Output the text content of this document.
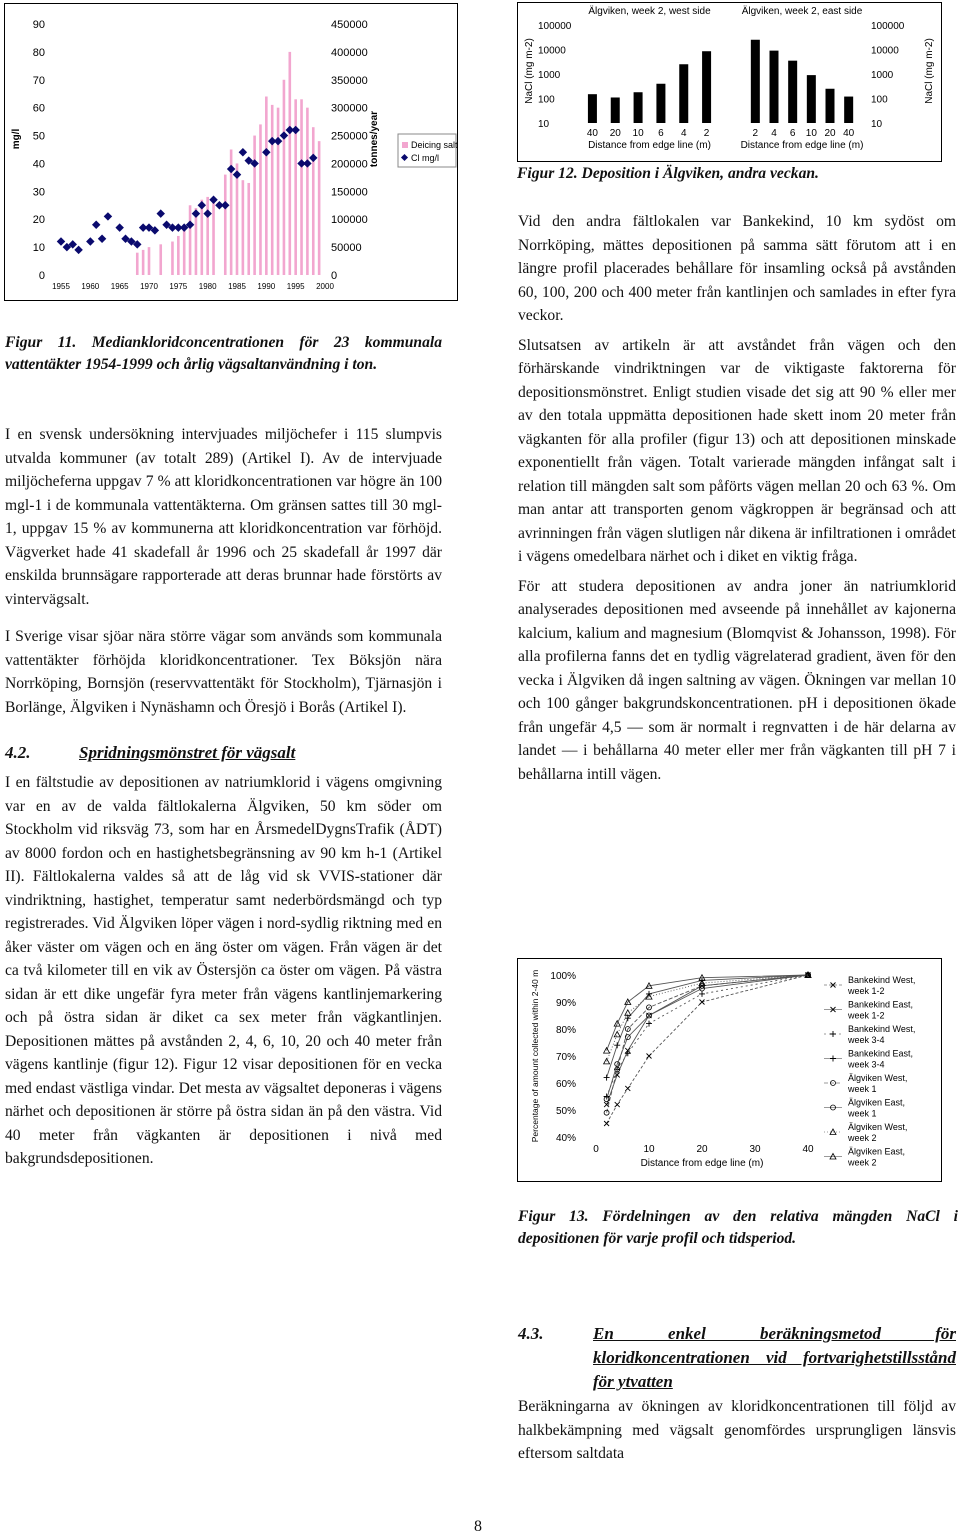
mg/l	tonnes/year
0
10
20
30
40
50
60
70
80
90
0
50000
100000
150000
200000
250000
300000
350000
400000
450000
1955 1960 1965 1970 1975 1980 1985 1990 1995 2000
Deicing salt
Cl mg/l

Figur 11. Mediankloridconcentrationen för 23 kommunala vattentäkter 1954-1999 och årlig vägsaltanvändning i ton.

NaCl (mg m-2)	NaCl (mg m-2)
10
100
1000
10000
100000
10
100
1000
10000
100000
Älgviken, week 2, west side
40 20 10 6 4 2
Distance from edge line (m)
Älgviken, week 2, east side
2 4 6 10 20 40
Distance from edge line (m)

Figur 12. Deposition i Älgviken, andra veckan.

I en svensk undersökning intervjuades miljöchefer i 115 slumpvis utvalda kommuner (av totalt 289) (Artikel I). Av de intervjuade miljöcheferna uppgav 7 % att kloridkoncentrationen var högre än 100 mgl-1 i de kommunala vattentäkterna. Om gränsen sattes till 30 mgl-1, uppgav 15 % av kommunerna att kloridkoncentration var förhöjd. Vägverket hade 41 skadefall år 1996 och 25 skadefall år 1997 där enskilda brunnsägare rapporterade att deras brunnar hade förstörts av vintervägsalt.

I Sverige visar sjöar nära större vägar som används som kommunala vattentäkter förhöjda kloridkoncentrationer. Tex Böksjön nära Norrköping, Bornsjön (reservvattentäkt för Stockholm), Tjärnasjön i Borlänge, Älgviken i Nynäshamn och Öresjö i Borås (Artikel I).

4.2.	Spridningsmönstret för vägsalt

I en fältstudie av depositionen av natriumklorid i vägens omgivning var en av de valda fältlokalerna Älgviken, 50 km söder om Stockholm vid riksväg 73, som har en ÅrsmedelDygnsTrafik (ÅDT) av 8000 fordon och en hastighetsbegränsning av 90 km h-1 (Artikel II). Fältlokalerna valdes så att de låg vid sk VVIS-stationer där vindriktning, hastighet, temperatur samt nederbördsmängd och typ registrerades. Vid Älgviken löper vägen i nord-sydlig riktning med en åker väster om vägen och en äng öster om vägen. Från vägen är det ca två kilometer till en vik av Östersjön ca öster om vägen. På västra sidan är ett dike ungefär fyra meter från vägens kantlinjemarkering och på östra sidan är diket ca sex meter från vägkantlinjen. Depositionen mättes på avstånden 2, 4, 6, 10, 20 och 40 meter från vägens kantlinje (figur 12). Figur 12 visar depositionen för en vecka med endast västliga vindar. Det mesta av vägsaltet deponeras i vägens närhet och depositionen är större på östra sidan än på den västra. Vid 40 meter från vägkanten är depositionen i nivå med bakgrundsdepositionen.

Vid den andra fältlokalen var Bankekind, 10 km sydöst om Norrköping, mättes depositionen på samma sätt förutom att i en längre profil placerades behållare för insamling också på avstånden 60, 100, 200 och 400 meter från kantlinjen och samlades in efter fyra veckor.

Slutsatsen av artikeln är att avståndet från vägen och den förhärskande vindriktningen var de viktigaste faktorerna för depositionsmönstret. Enligt studien visade det sig att 90 % eller mer av den totala uppmätta depositionen hade skett inom 20 meter från vägkanten för alla profiler (figur 13) och att depositionen minskade exponentiellt från vägen. Totalt varierade mängden infångat salt i relation till mängden salt som påförts vägen mellan 20 och 63 %. Om man antar att transporten genom vägkroppen är begränsad och att avrinningen från vägen slutligen når dikena är infiltrationen i området i vägens omedelbara närhet och i diket en viktig fråga.

För att studera depositionen av andra joner än natriumklorid analyserades depositionen med avseende på innehållet av kajonerna kalcium, kalium and magnesium (Blomqvist & Johansson, 1998). För alla profilerna fanns det en tydlig vägrelaterad gradient, även för den vecka i Älgviken då ingen saltning av vägen. Ökningen var mellan 10 och 100 gånger bakgrundskoncentrationen. pH i depositionen ökade från ungefär 4,5 — som är normalt i regnvatten i de här delarna av landet — i behållarna 40 meter eller mer från vägkanten till pH 7 i behållarna intill vägen.

Percentage of amount collected within 2-40 m 40%
50%
60%
70%
80%
90%
100%
0	10	20	30	40
Distance from edge line (m)
Bankekind West,
week 1-2
Bankekind East,
week 1-2
Bankekind West,
week 3-4
Bankekind East,
week 3-4
Älgviken West,
week 1
Älgviken East,
week 1
Älgviken West,
week 2
Älgviken East,
week 2

Figur 13. Fördelningen av den relativa mängden NaCl i depositionen för varje profil och tidsperiod.

4.3.	En enkel beräkningsmetod för kloridkoncentrationen vid fortvarighetstillsstånd för ytvatten

Beräkningarna av ökningen av kloridkoncentrationen till följd av halkbekämpning med vägsalt genomfördes ursprungligen länsvis eftersom saltdata

8
